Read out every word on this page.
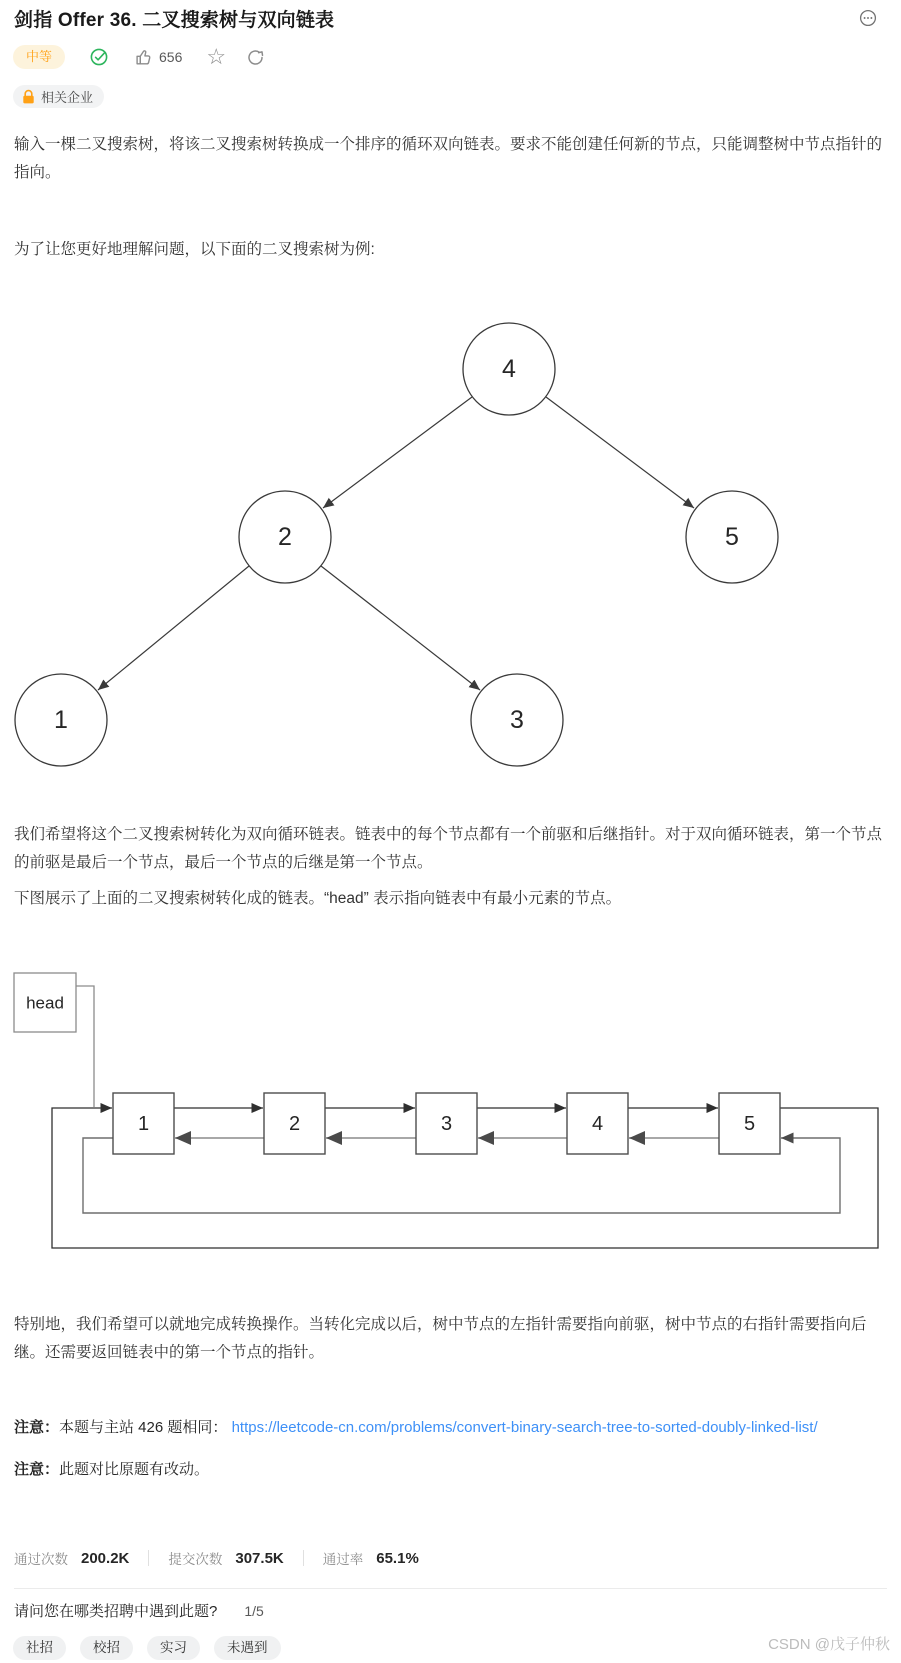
剑指 Offer 36. 二叉搜索树与双向链表
中等	656 ☆
相关企业
输入一棵二叉搜索树，将该二叉搜索树转换成一个排序的循环双向链表。要求不能创建任何新的节点，只能调整树中节点指针的指向。
为了让您更好地理解问题，以下面的二叉搜索树为例:
4
2	5
1	3
我们希望将这个二叉搜索树转化为双向循环链表。链表中的每个节点都有一个前驱和后继指针。对于双向循环链表，第一个节点的前驱是最后一个节点，最后一个节点的后继是第一个节点。
下图展示了上面的二叉搜索树转化成的链表。“head” 表示指向链表中有最小元素的节点。
head
1	2	3	4	5
特别地，我们希望可以就地完成转换操作。当转化完成以后，树中节点的左指针需要指向前驱，树中节点的右指针需要指向后继。还需要返回链表中的第一个节点的指针。
注意：本题与主站 426 题相同： https://leetcode-cn.com/problems/convert-binary-search-tree-to-sorted-doubly-linked-list/
注意：此题对比原题有改动。
通过次数 200.2K	提交次数 307.5K	通过率 65.1%
请问您在哪类招聘中遇到此题? 1/5
社招	校招	实习	未遇到	CSDN @戊子仲秋
